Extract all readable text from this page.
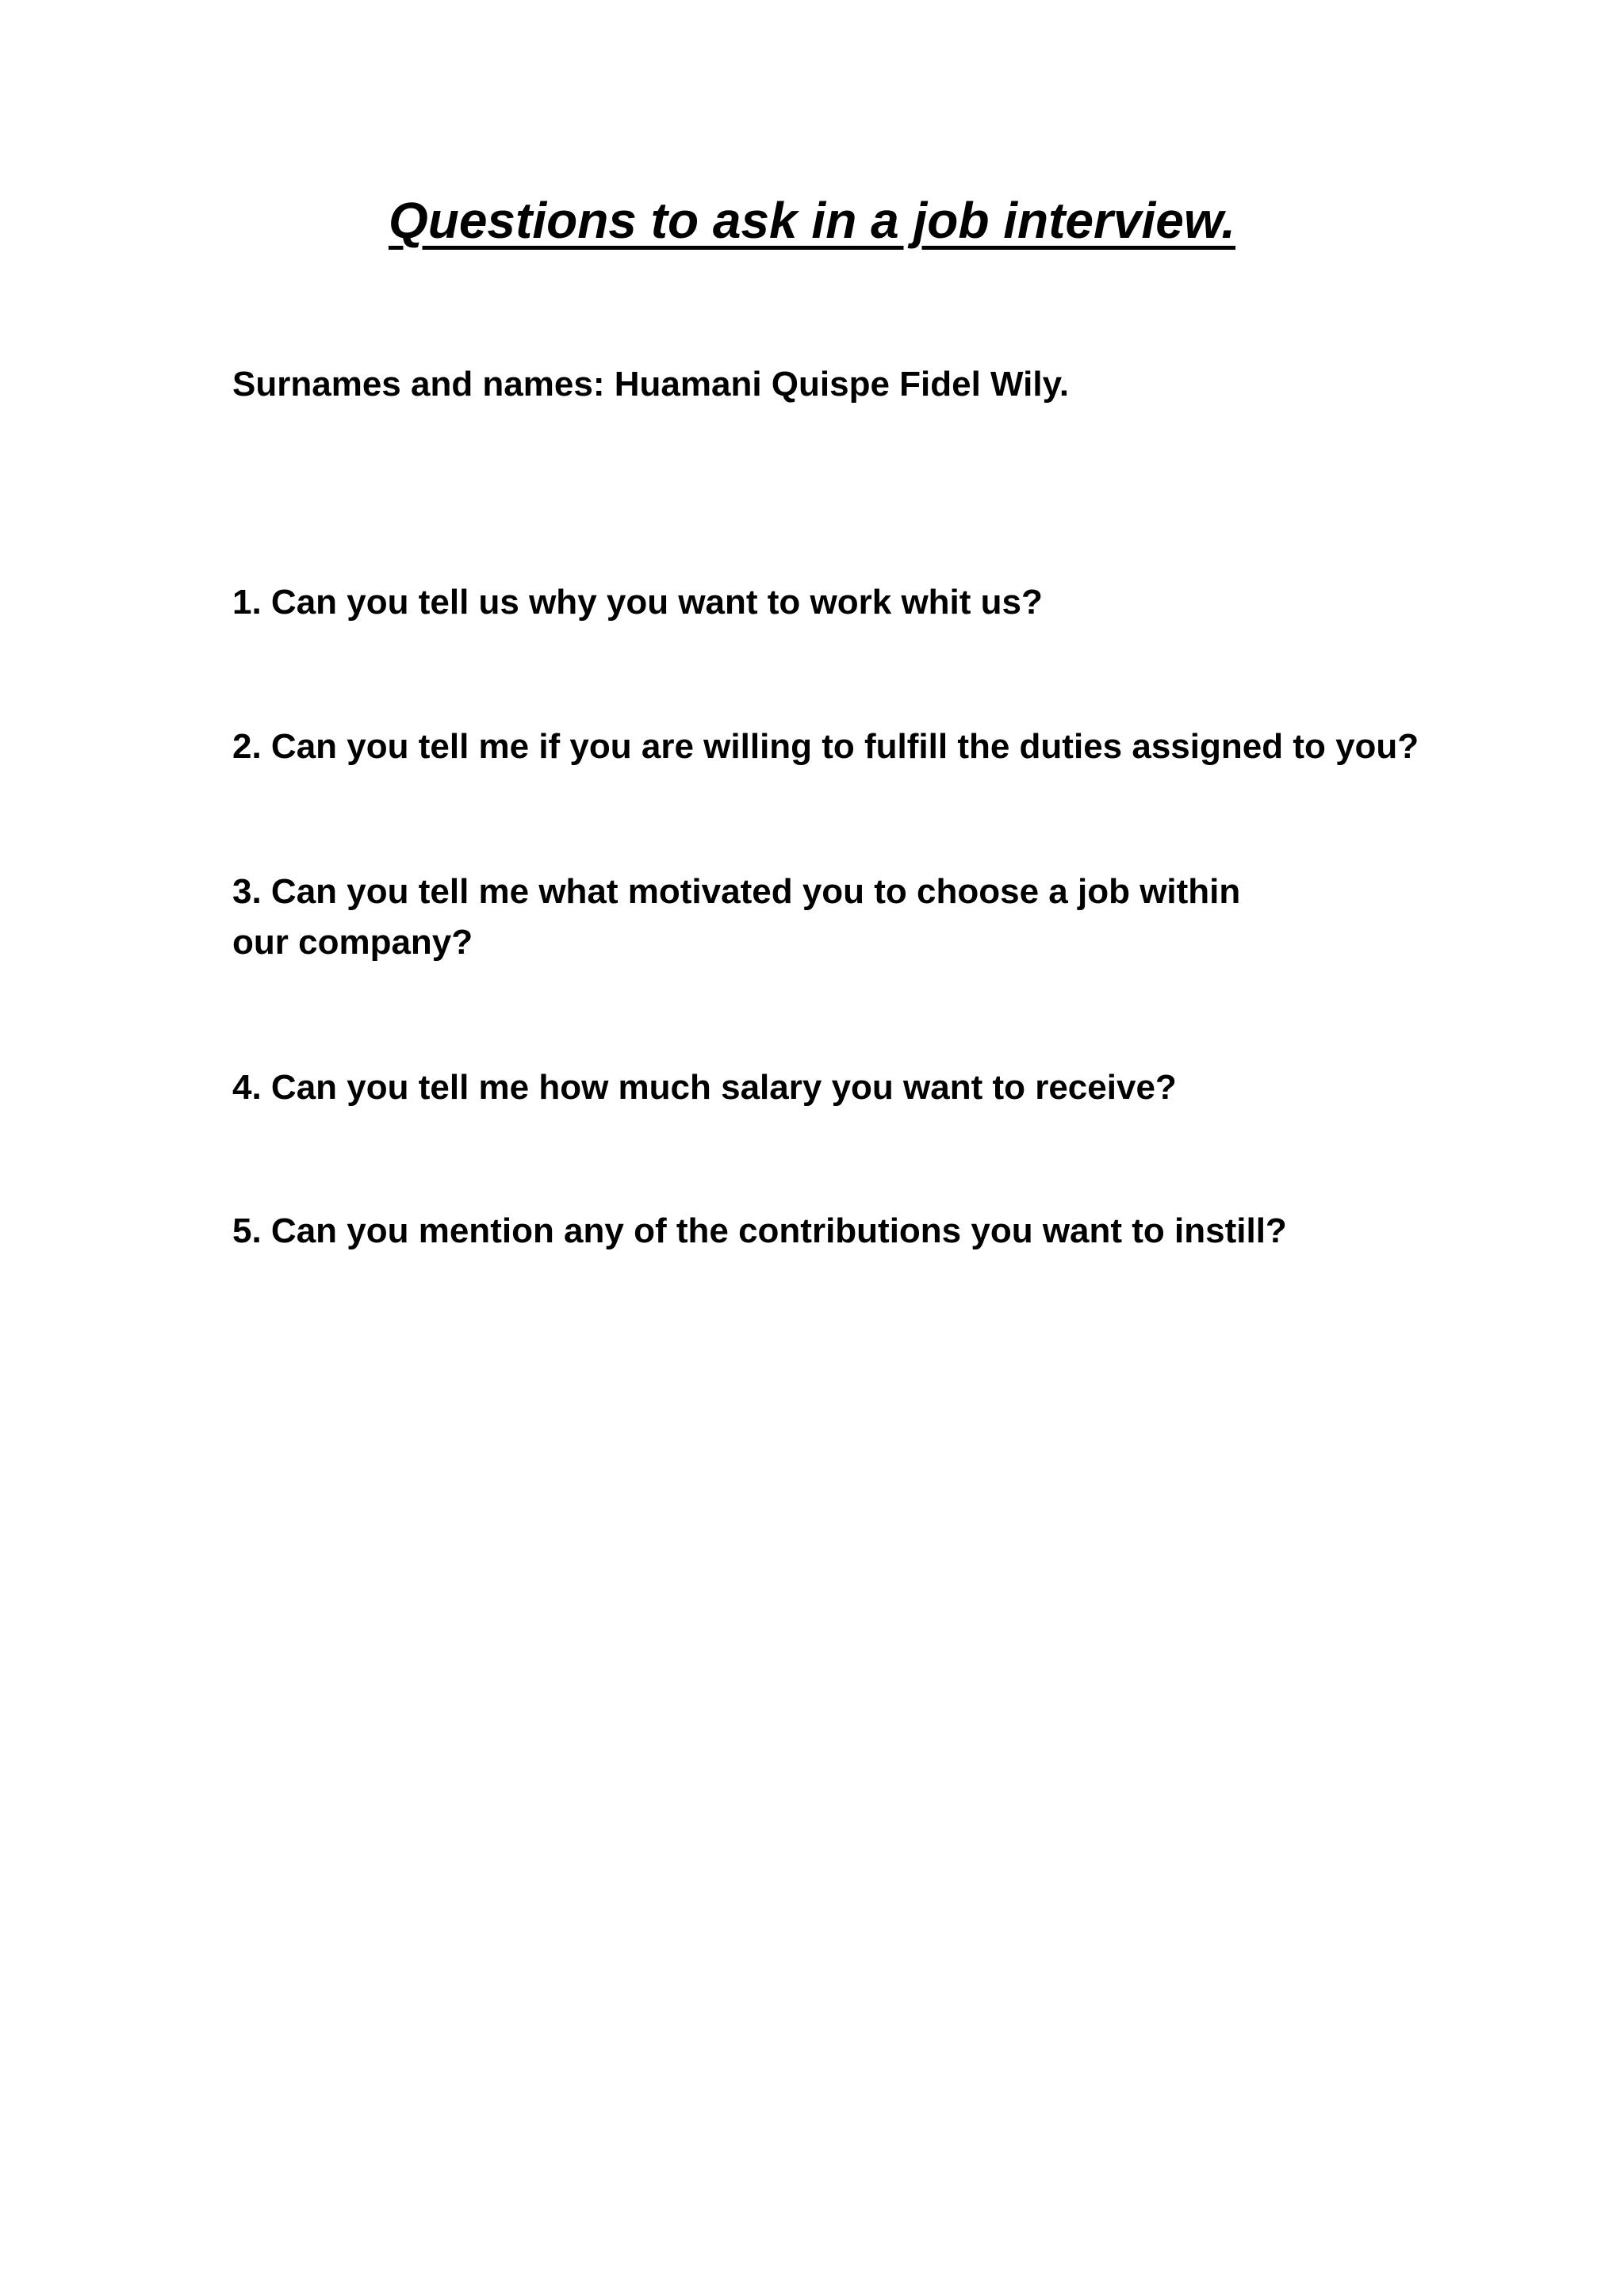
Questions to ask in a job interview.
Surnames and names: Huamani Quispe Fidel Wily.
1. Can you tell us why you want to work whit us?
2. Can you tell me if you are willing to fulfill the duties assigned to you?
3. Can you tell me what motivated you to choose a job within our company?
4. Can you tell me how much salary you want to receive?
5. Can you mention any of the contributions you want to instill?
